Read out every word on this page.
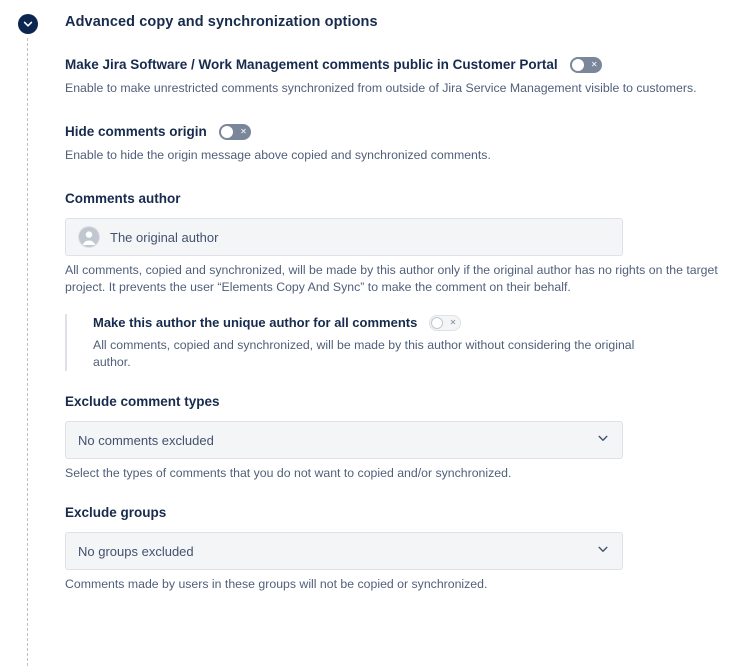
Advanced copy and synchronization options
Make Jira Software / Work Management comments public in Customer Portal	✕
Enable to make unrestricted comments synchronized from outside of Jira Service Management visible to customers.
Hide comments origin	✕
Enable to hide the origin message above copied and synchronized comments.
Comments author
The original author
All comments, copied and synchronized, will be made by this author only if the original author has no rights on the target project. It prevents the user “Elements Copy And Sync” to make the comment on their behalf.
Make this author the unique author for all comments	✕
All comments, copied and synchronized, will be made by this author without considering the original author.
Exclude comment types
No comments excluded
Select the types of comments that you do not want to copied and/or synchronized.
Exclude groups
No groups excluded
Comments made by users in these groups will not be copied or synchronized.
